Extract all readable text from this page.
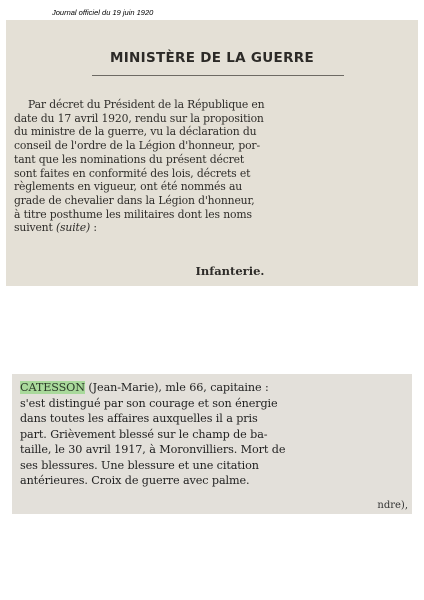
Journal officiel du 19 juin 1920
MINISTÈRE DE LA GUERRE
Par décret du Président de la République en
date du 17 avril 1920, rendu sur la proposition
du ministre de la guerre, vu la déclaration du
conseil de l'ordre de la Légion d'honneur, por-
tant que les nominations du présent décret
sont faites en conformité des lois, décrets et
règlements en vigueur, ont été nommés au
grade de chevalier dans la Légion d'honneur,
à titre posthume les militaires dont les noms
suivent (suite) :
Infanterie.
CATESSON (Jean-Marie), mle 66, capitaine :
s'est distingué par son courage et son énergie
dans toutes les affaires auxquelles il a pris
part. Grièvement blessé sur le champ de ba-
taille, le 30 avril 1917, à Moronvilliers. Mort de
ses blessures. Une blessure et une citation
antérieures. Croix de guerre avec palme.
ndre),
